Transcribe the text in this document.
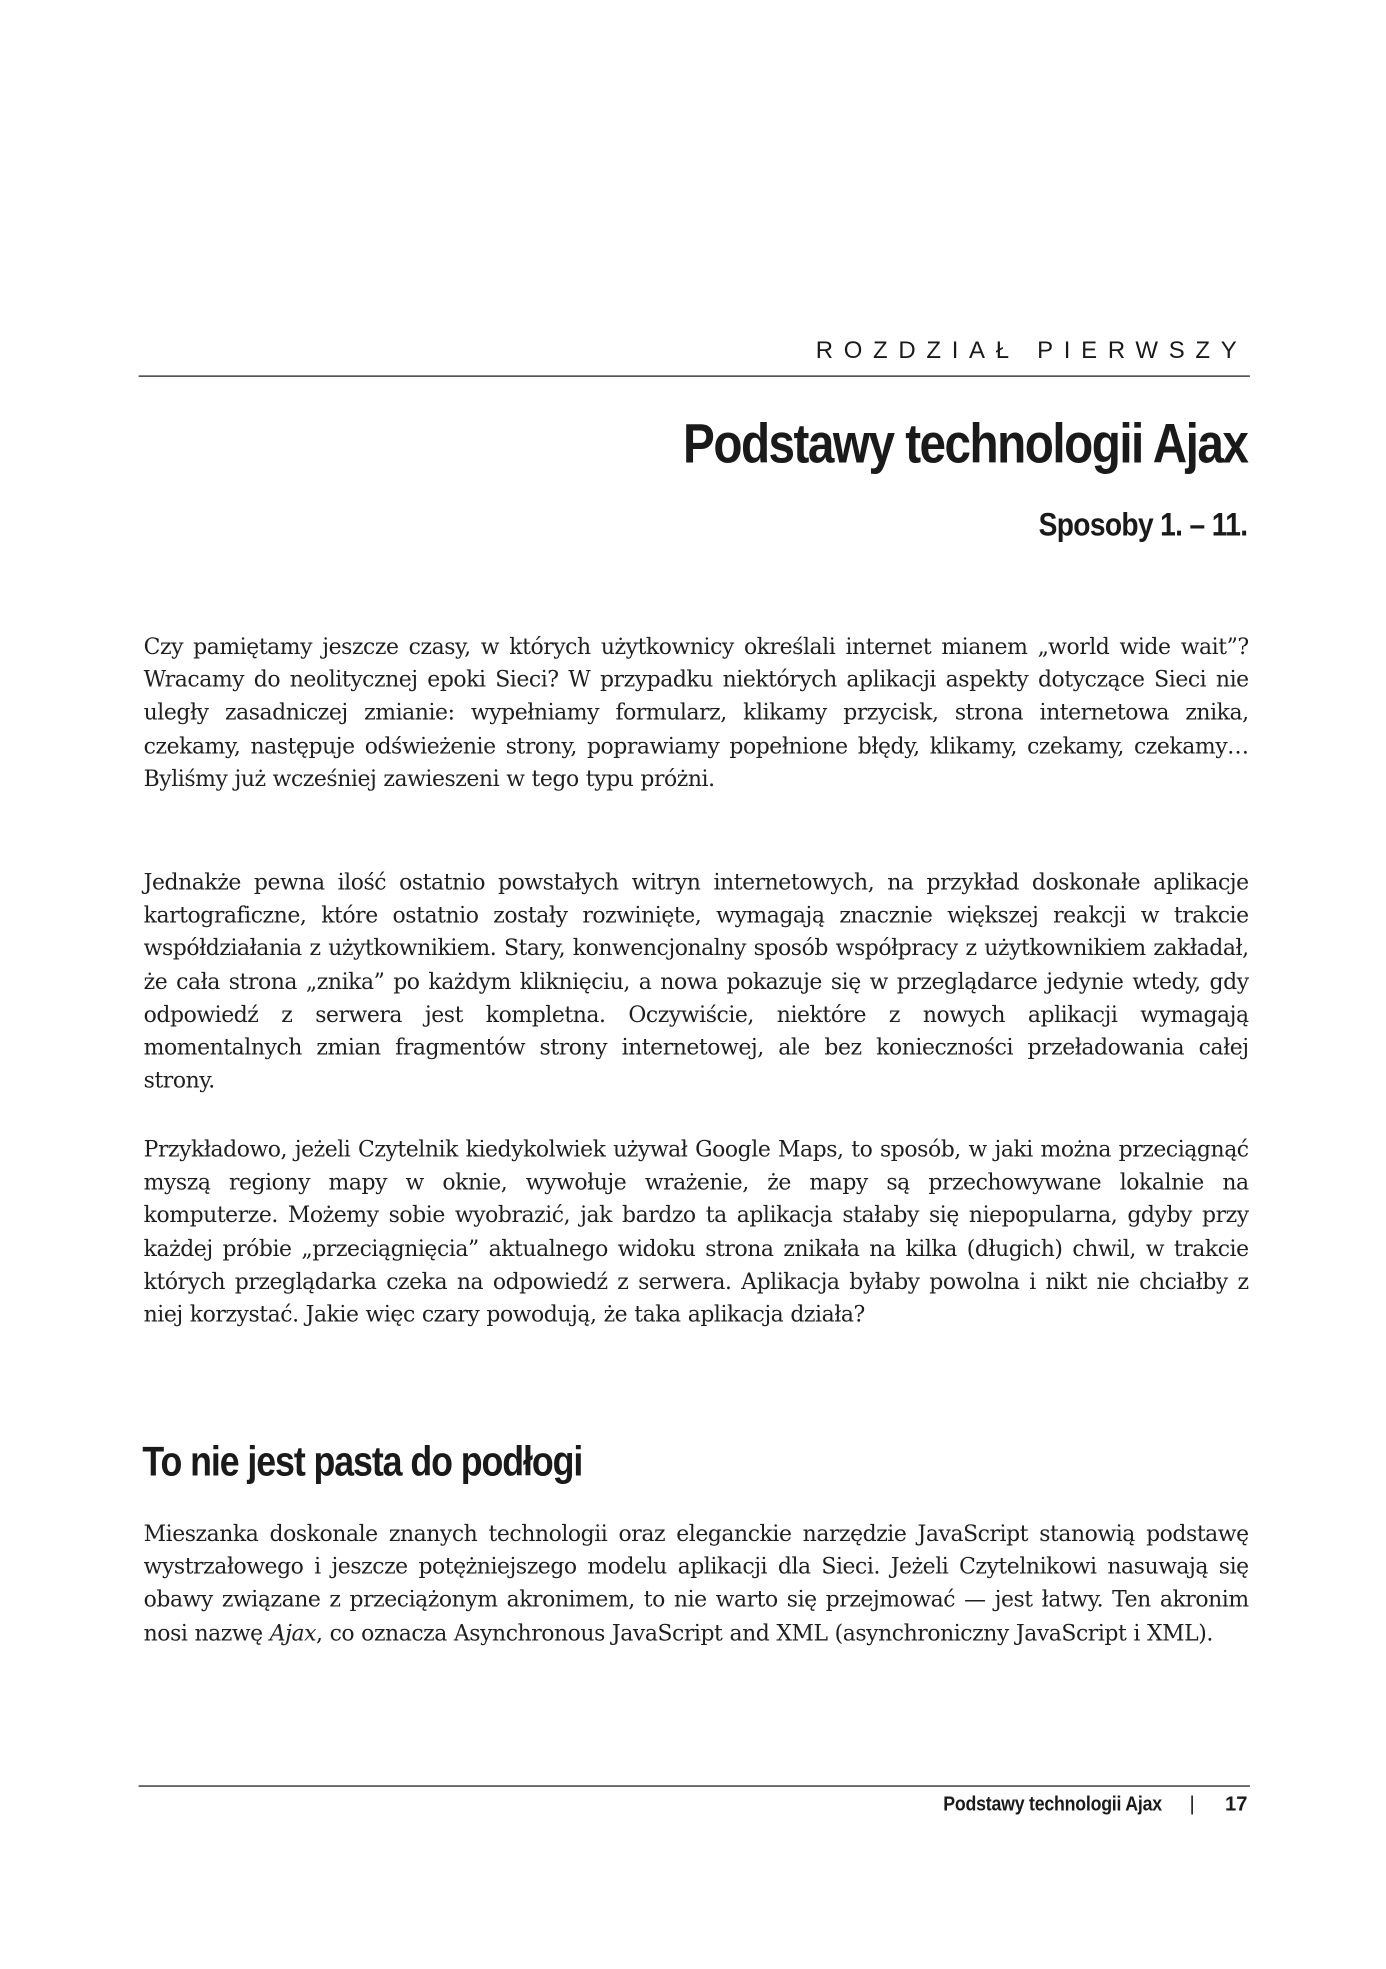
ROZDZIAŁ PIERWSZY
Podstawy technologii Ajax
Sposoby 1. – 11.

Czy pamiętamy jeszcze czasy, w których użytkownicy określali internet mianem „world wide wait”? Wracamy do neolitycznej epoki Sieci? W przypadku niektórych aplikacji aspekty dotyczące Sieci nie uległy zasadniczej zmianie: wypełniamy formularz, klikamy przycisk, strona internetowa znika, czekamy, następuje odświeżenie strony, poprawiamy popełnione błędy, klikamy, czekamy, czekamy… Byliśmy już wcześniej zawieszeni w tego typu próżni.

Jednakże pewna ilość ostatnio powstałych witryn internetowych, na przykład doskonałe aplikacje kartograficzne, które ostatnio zostały rozwinięte, wymagają znacznie większej reakcji w trakcie współdziałania z użytkownikiem. Stary, konwencjonalny sposób współpracy z użytkownikiem zakładał, że cała strona „znika” po każdym kliknięciu, a nowa pokazuje się w przeglądarce jedynie wtedy, gdy odpowiedź z serwera jest kompletna. Oczywiście, niektóre z nowych aplikacji wymagają momentalnych zmian fragmentów strony internetowej, ale bez konieczności przeładowania całej strony.

Przykładowo, jeżeli Czytelnik kiedykolwiek używał Google Maps, to sposób, w jaki można przeciągnąć myszą regiony mapy w oknie, wywołuje wrażenie, że mapy są przechowywane lokalnie na komputerze. Możemy sobie wyobrazić, jak bardzo ta aplikacja stałaby się niepopularna, gdyby przy każdej próbie „przeciągnięcia” aktualnego widoku strona znikała na kilka (długich) chwil, w trakcie których przeglądarka czeka na odpowiedź z serwera. Aplikacja byłaby powolna i nikt nie chciałby z niej korzystać. Jakie więc czary powodują, że taka aplikacja działa?

To nie jest pasta do podłogi

Mieszanka doskonale znanych technologii oraz eleganckie narzędzie JavaScript stanowią podstawę wystrzałowego i jeszcze potężniejszego modelu aplikacji dla Sieci. Jeżeli Czytelnikowi nasuwają się obawy związane z przeciążonym akronimem, to nie warto się przejmować — jest łatwy. Ten akronim nosi nazwę Ajax, co oznacza Asynchronous JavaScript and XML (asynchroniczny JavaScript i XML).

Podstawy technologii Ajax | 17
